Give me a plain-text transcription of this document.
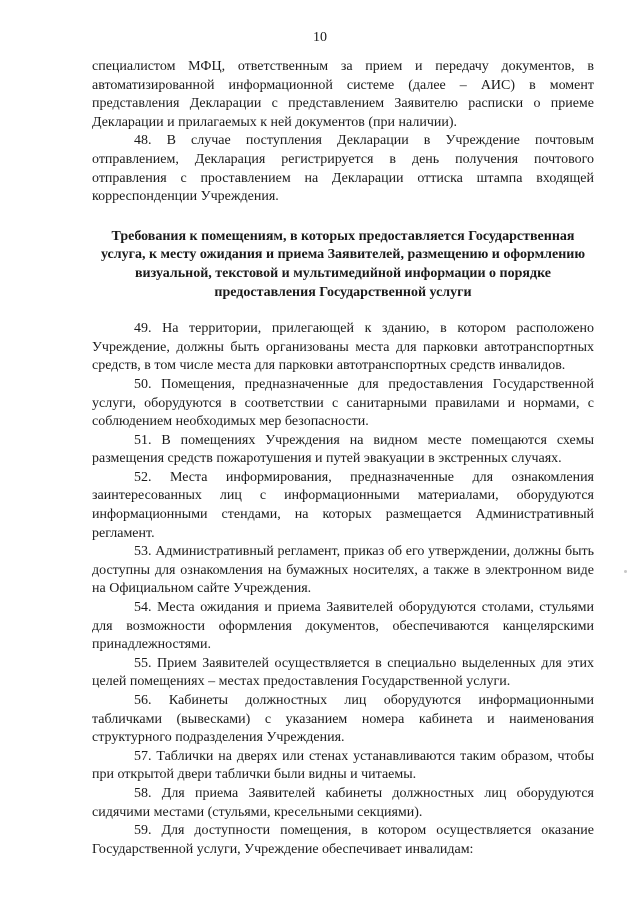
10

специалистом МФЦ, ответственным за прием и передачу документов, в автоматизированной информационной системе (далее – АИС) в момент представления Декларации с представлением Заявителю расписки о приеме Декларации и прилагаемых к ней документов (при наличии).

48. В случае поступления Декларации в Учреждение почтовым отправлением, Декларация регистрируется в день получения почтового отправления с проставлением на Декларации оттиска штампа входящей корреспонденции Учреждения.

Требования к помещениям, в которых предоставляется Государственная услуга, к месту ожидания и приема Заявителей, размещению и оформлению визуальной, текстовой и мультимедийной информации о порядке предоставления Государственной услуги

49. На территории, прилегающей к зданию, в котором расположено Учреждение, должны быть организованы места для парковки автотранспортных средств, в том числе места для парковки автотранспортных средств инвалидов.

50. Помещения, предназначенные для предоставления Государственной услуги, оборудуются в соответствии с санитарными правилами и нормами, с соблюдением необходимых мер безопасности.

51. В помещениях Учреждения на видном месте помещаются схемы размещения средств пожаротушения и путей эвакуации в экстренных случаях.

52. Места информирования, предназначенные для ознакомления заинтересованных лиц с информационными материалами, оборудуются информационными стендами, на которых размещается Административный регламент.

53. Административный регламент, приказ об его утверждении, должны быть доступны для ознакомления на бумажных носителях, а также в электронном виде на Официальном сайте Учреждения.

54. Места ожидания и приема Заявителей оборудуются столами, стульями для возможности оформления документов, обеспечиваются канцелярскими принадлежностями.

55. Прием Заявителей осуществляется в специально выделенных для этих целей помещениях – местах предоставления Государственной услуги.

56. Кабинеты должностных лиц оборудуются информационными табличками (вывесками) с указанием номера кабинета и наименования структурного подразделения Учреждения.

57. Таблички на дверях или стенах устанавливаются таким образом, чтобы при открытой двери таблички были видны и читаемы.

58. Для приема Заявителей кабинеты должностных лиц оборудуются сидячими местами (стульями, кресельными секциями).

59. Для доступности помещения, в котором осуществляется оказание Государственной услуги, Учреждение обеспечивает инвалидам:
